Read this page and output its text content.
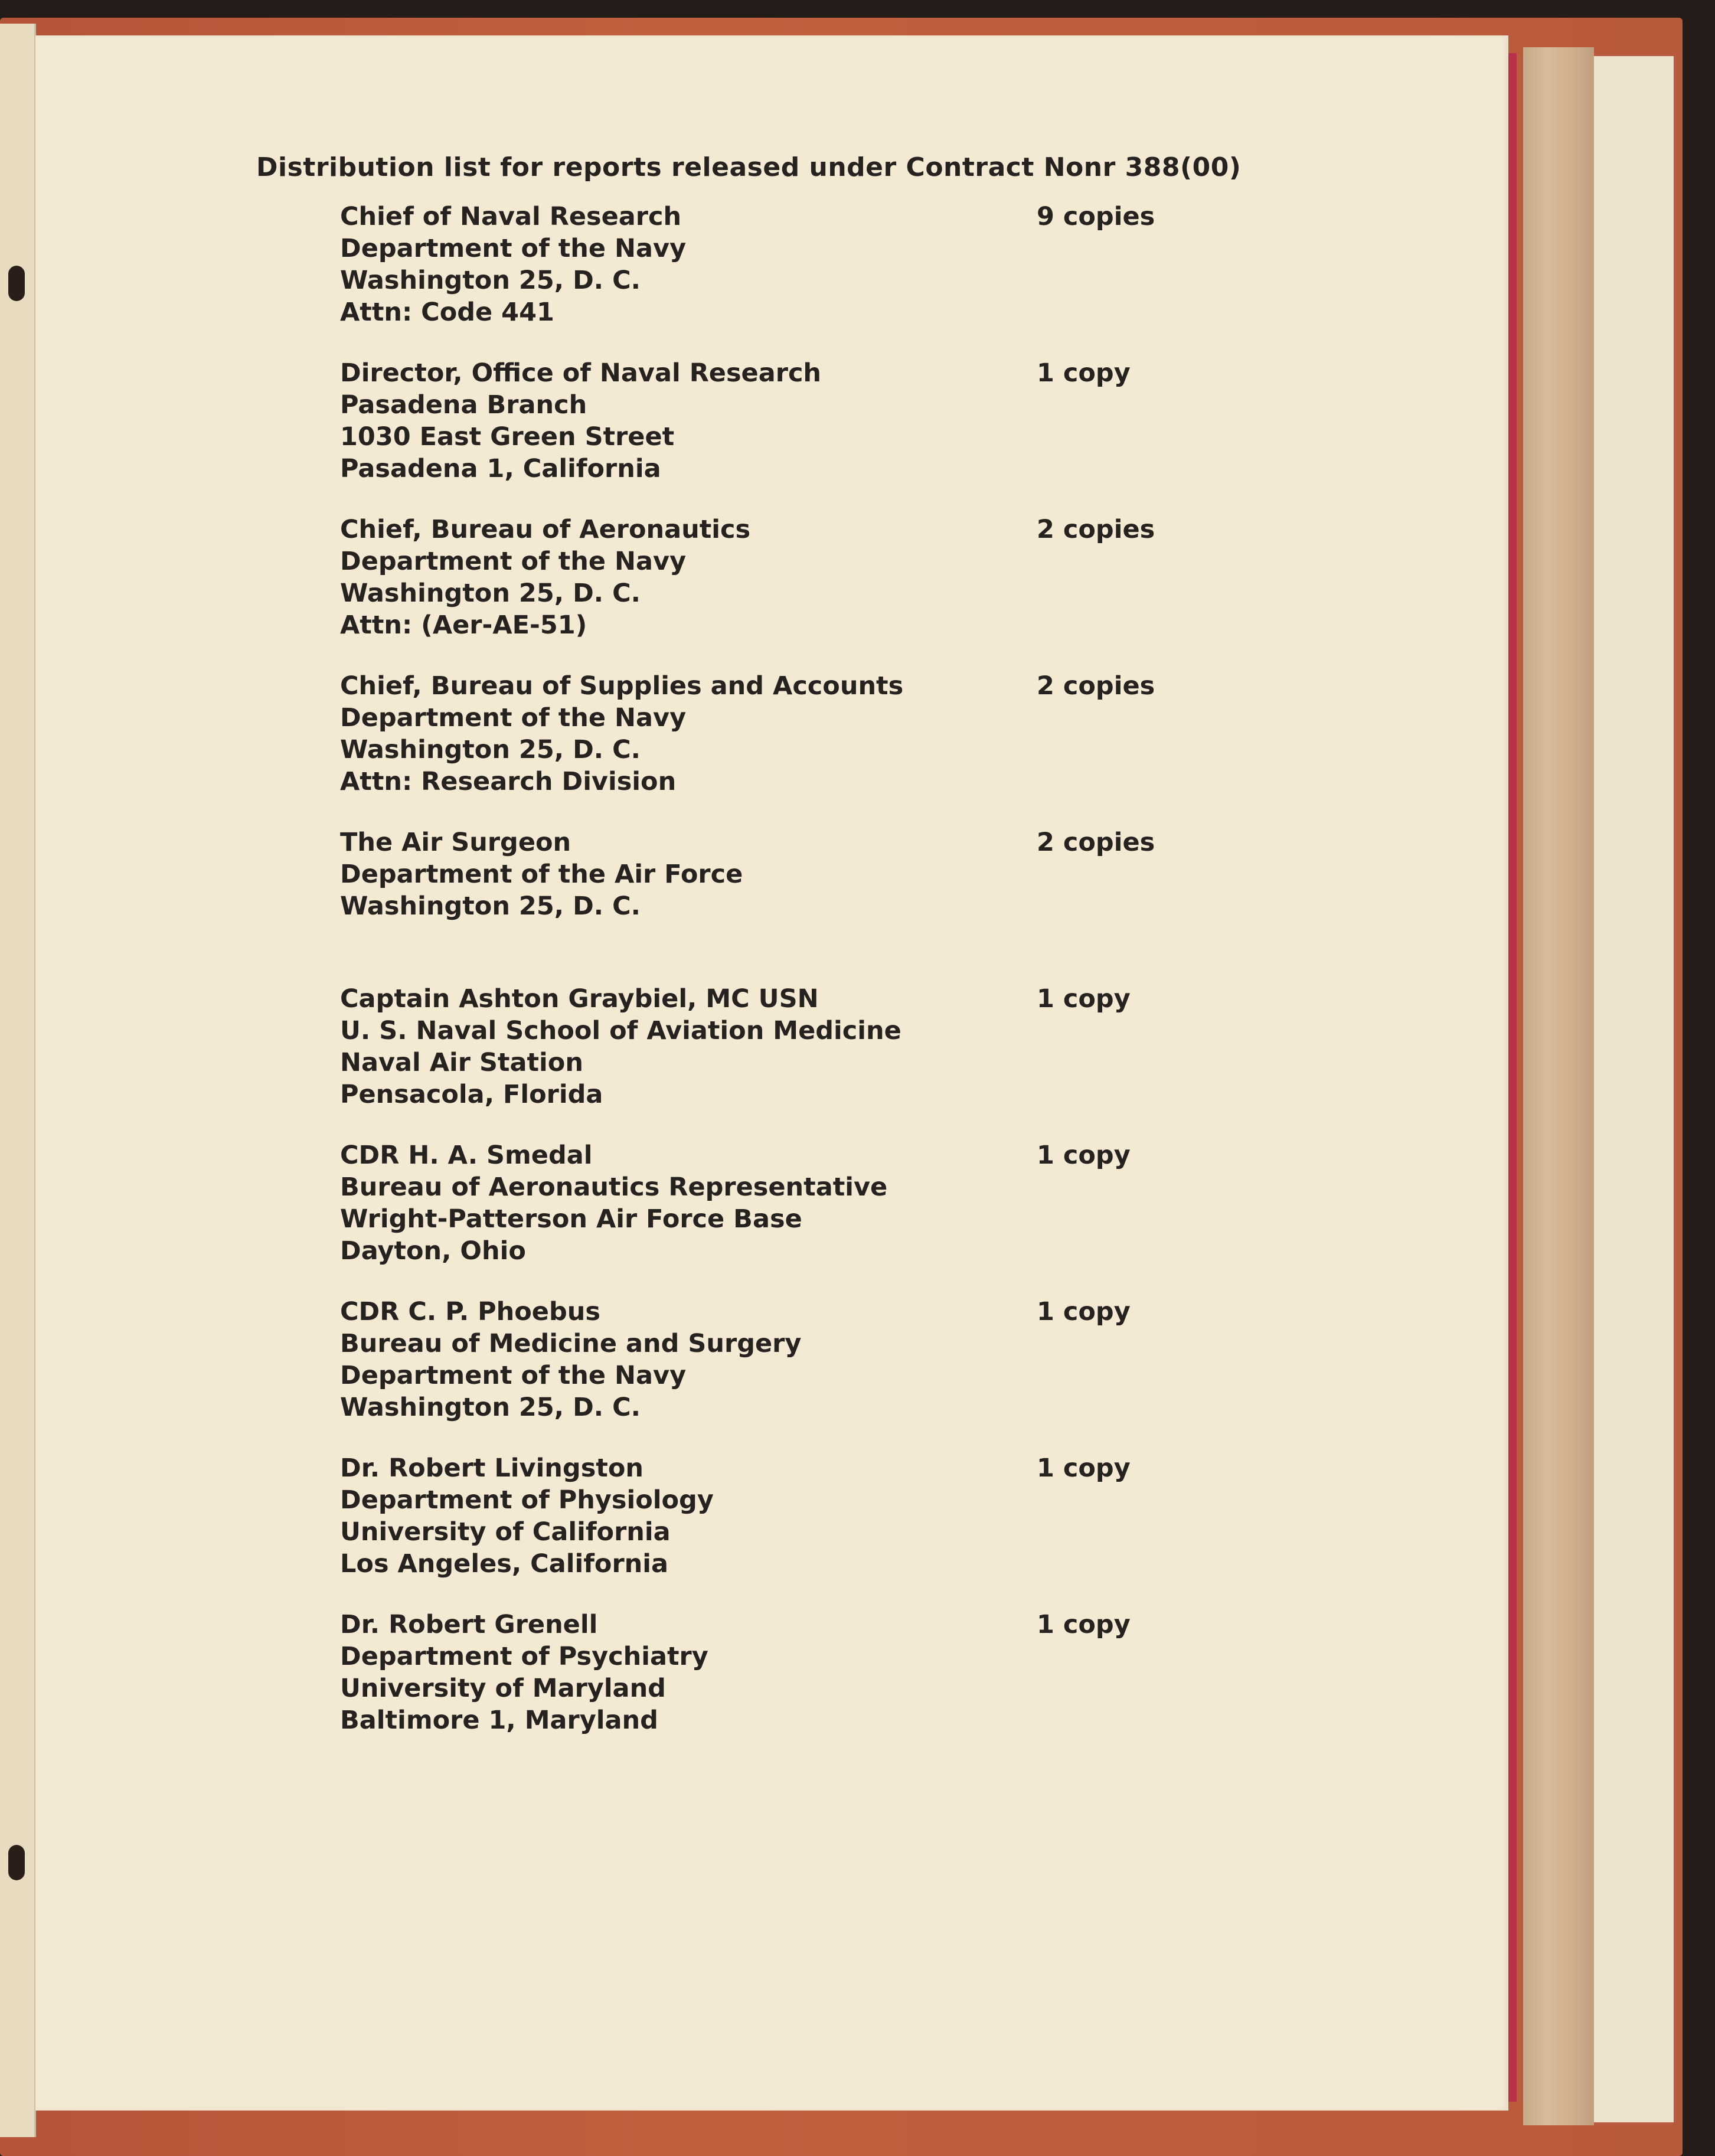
Distribution list for reports released under Contract Nonr 388(00)
Chief of Naval Research
Department of the Navy
Washington 25, D. C.
Attn: Code 441
9 copies
Director, Office of Naval Research
Pasadena Branch
1030 East Green Street
Pasadena 1, California
1 copy
Chief, Bureau of Aeronautics
Department of the Navy
Washington 25, D. C.
Attn: (Aer-AE-51)
2 copies
Chief, Bureau of Supplies and Accounts
Department of the Navy
Washington 25, D. C.
Attn: Research Division
2 copies
The Air Surgeon
Department of the Air Force
Washington 25, D. C.
2 copies
Captain Ashton Graybiel, MC USN
U. S. Naval School of Aviation Medicine
Naval Air Station
Pensacola, Florida
1 copy
CDR H. A. Smedal
Bureau of Aeronautics Representative
Wright-Patterson Air Force Base
Dayton, Ohio
1 copy
CDR C. P. Phoebus
Bureau of Medicine and Surgery
Department of the Navy
Washington 25, D. C.
1 copy
Dr. Robert Livingston
Department of Physiology
University of California
Los Angeles, California
1 copy
Dr. Robert Grenell
Department of Psychiatry
University of Maryland
Baltimore 1, Maryland
1 copy
